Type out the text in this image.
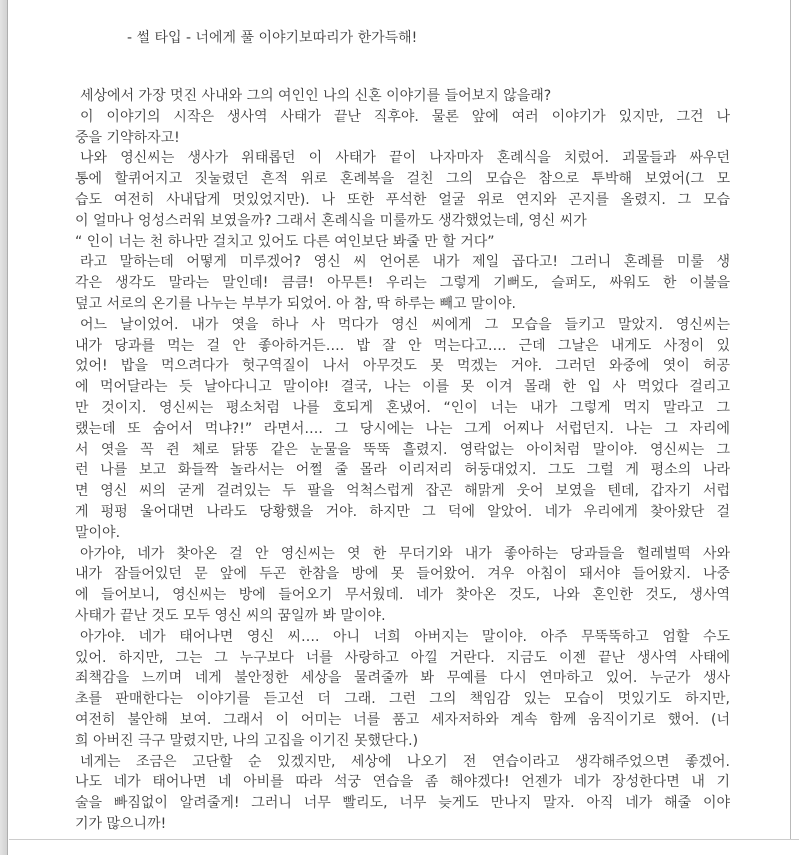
- 썰 타입 - 너에게 풀 이야기보따리가 한가득해!
세상에서 가장 멋진 사내와 그의 여인인 나의 신혼 이야기를 들어보지 않을래?
이 이야기의 시작은 생사역 사태가 끝난 직후야. 물론 앞에 여러 이야기가 있지만, 그건 나
중을 기약하자고!
나와 영신씨는 생사가 위태롭던 이 사태가 끝이 나자마자 혼례식을 치렀어. 괴물들과 싸우던
통에 할퀴어지고 짓눌렸던 흔적 위로 혼례복을 걸친 그의 모습은 참으로 투박해 보였어(그 모
습도 여전히 사내답게 멋있었지만). 나 또한 푸석한 얼굴 위로 연지와 곤지를 올렸지. 그 모습
이 얼마나 엉성스러워 보였을까? 그래서 혼례식을 미룰까도 생각했었는데, 영신 씨가
“ 인이 너는 천 하나만 걸치고 있어도 다른 여인보단 봐줄 만 할 거다”
라고 말하는데 어떻게 미루겠어? 영신 씨 언어론 내가 제일 곱다고! 그러니 혼례를 미룰 생
각은 생각도 말라는 말인데! 큼큼! 아무튼! 우리는 그렇게 기뻐도, 슬퍼도, 싸워도 한 이불을
덮고 서로의 온기를 나누는 부부가 되었어. 아 참, 딱 하루는 빼고 말이야.
어느 날이었어. 내가 엿을 하나 사 먹다가 영신 씨에게 그 모습을 들키고 말았지. 영신씨는
내가 당과를 먹는 걸 안 좋아하거든…. 밥 잘 안 먹는다고…. 근데 그날은 내게도 사정이 있
었어! 밥을 먹으려다가 헛구역질이 나서 아무것도 못 먹겠는 거야. 그러던 와중에 엿이 허공
에 먹어달라는 듯 날아다니고 말이야! 결국, 나는 이를 못 이겨 몰래 한 입 사 먹었다 걸리고
만 것이지. 영신씨는 평소처럼 나를 호되게 혼냈어. “인이 너는 내가 그렇게 먹지 말라고 그
랬는데 또 숨어서 먹냐?!” 라면서…. 그 당시에는 나는 그게 어찌나 서럽던지. 나는 그 자리에
서 엿을 꼭 쥔 체로 닭똥 같은 눈물을 뚝뚝 흘렸지. 영락없는 아이처럼 말이야. 영신씨는 그
런 나를 보고 화들짝 놀라서는 어쩔 줄 몰라 이리저리 허둥대었지. 그도 그럴 게 평소의 나라
면 영신 씨의 굳게 걸려있는 두 팔을 억척스럽게 잡곤 해맑게 웃어 보였을 텐데, 갑자기 서럽
게 펑펑 울어대면 나라도 당황했을 거야. 하지만 그 덕에 알았어. 네가 우리에게 찾아왔단 걸
말이야.
아가야, 네가 찾아온 걸 안 영신씨는 엿 한 무더기와 내가 좋아하는 당과들을 헐레벌떡 사와
내가 잠들어있던 문 앞에 두곤 한참을 방에 못 들어왔어. 겨우 아침이 돼서야 들어왔지. 나중
에 들어보니, 영신씨는 방에 들어오기 무서웠데. 네가 찾아온 것도, 나와 혼인한 것도, 생사역
사태가 끝난 것도 모두 영신 씨의 꿈일까 봐 말이야.
아가야. 네가 태어나면 영신 씨…. 아니 너희 아버지는 말이야. 아주 무뚝뚝하고 엄할 수도
있어. 하지만, 그는 그 누구보다 너를 사랑하고 아낄 거란다. 지금도 이젠 끝난 생사역 사태에
죄책감을 느끼며 네게 불안정한 세상을 물려줄까 봐 무예를 다시 연마하고 있어. 누군가 생사
초를 판매한다는 이야기를 듣고선 더 그래. 그런 그의 책임감 있는 모습이 멋있기도 하지만,
여전히 불안해 보여. 그래서 이 어미는 너를 품고 세자저하와 계속 함께 움직이기로 했어. (너
희 아버진 극구 말렸지만, 나의 고집을 이기진 못했단다.)
네게는 조금은 고단할 순 있겠지만, 세상에 나오기 전 연습이라고 생각해주었으면 좋겠어.
나도 네가 태어나면 네 아비를 따라 석궁 연습을 좀 해야겠다! 언젠가 네가 장성한다면 내 기
술을 빠짐없이 알려줄게! 그러니 너무 빨리도, 너무 늦게도 만나지 말자. 아직 네가 해줄 이야
기가 많으니까!
